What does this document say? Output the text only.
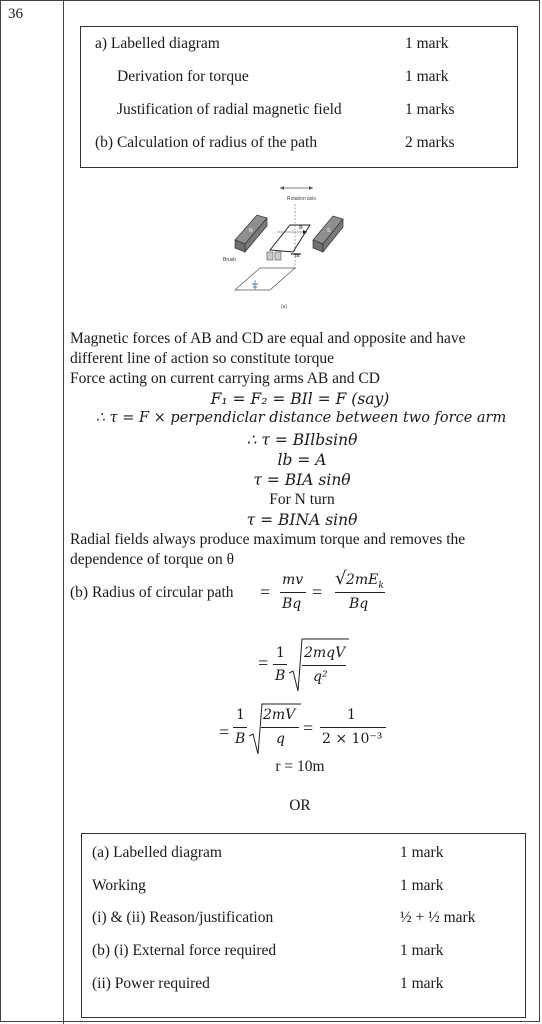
36
a) Labelled diagram	1 mark
Derivation for torque	1 mark
Justification of radial magnetic field	1 marks
(b) Calculation of radius of the path	2 marks
Rotation axis
N	S
B
m
Brush
(a)
Magnetic forces of AB and CD are equal and opposite and have
different line of action so constitute torque
Force acting on current carrying arms AB and CD
F₁ = F₂ = BIl = F (say)
∴ τ = F × perpendiclar distance between two force arm
∴ τ = BIlbsinθ
lb = A
τ = BIA sinθ
For N turn
τ = BINA sinθ
Radial fields always produce maximum torque and removes the
dependence of torque on θ
(b) Radius of circular path =
mv
Bq
=
√ $2mE_k$
Bq
= 1
B
2mqV
q²
=
1
B
2mV
q
=
1
2 × 10⁻³
r = 10m
OR
(a) Labelled diagram	1 mark
Working	1 mark
(i) & (ii) Reason/justification	½ + ½ mark
(b) (i) External force required	1 mark
(ii) Power required	1 mark
